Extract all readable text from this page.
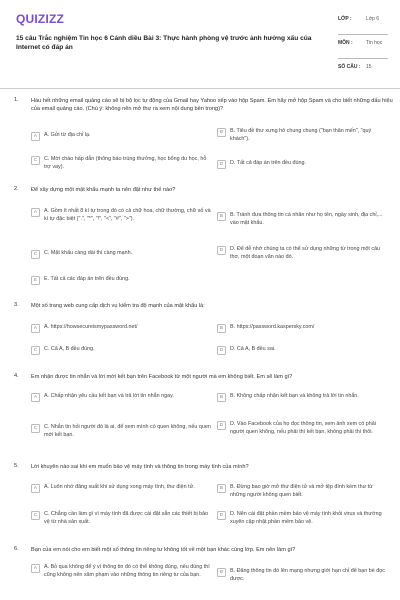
QUIZIZZ
15 câu Trắc nghiệm Tin học 6 Cánh diều Bài 3: Thực hành phòng vệ trước ảnh hưởng xấu của Internet có đáp án
LỚP :	Lớp 6
MÔN :	Tin học
SỐ CÂU :	15
1. Hàu hết những email quảng cáo sẽ bị bộ lọc tự động của Gmail hay Yahoo xếp vào hộp Spam. Em hãy mở hộp Spam và cho biết những dấu hiệu của email quảng cáo. (Chú ý: không nên mở thư ra xem nội dung bên trong)?
A	A. Gửi từ địa chỉ lạ.	B	B. Tiêu đề thư xưng hô chung chung ("bạn thân mến", "quý khách").
C	C. Mời chào hấp dẫn (thông báo trúng thưởng, học bổng du học, hỗ trợ vay).	D	D. Tất cả đáp án trên đều đúng.
2. Để xây dựng một mật khẩu mạnh ta nên đặt như thế nào?
A	A. Gồm ít nhất 8 kí tự trong đó có cả chữ hoa, chữ thường, chữ số và kí tự đặc biệt (".", "*", "!", "<", "#", ">").	B	B. Tránh đưa thông tin cá nhân như họ tên, ngày sinh, địa chỉ,... vào mật khẩu.
C	C. Mật khẩu càng dài thì càng mạnh.	D	D. Để dễ nhớ chúng ta có thể sử dụng những từ trong một câu thơ, một đoạn văn nào đó.
E	E. Tất cả các đáp án trên đều đúng.
3. Một số trang web cung cấp dịch vụ kiểm tra độ mạnh của mật khẩu là:
A	A. https://howsecureismypassword.net/	B	B. https://password.kaspersky.com/
C	C. Cả A, B đều đúng.	D	D. Cả A, B đều sai.
4. Em nhận được tin nhắn và lời mời kết bạn trên Facebook từ một người mà em không biết. Em sẽ làm gì?
A	A. Chấp nhận yêu cầu kết bạn và trả lời tin nhắn ngay.	B	B. Không chấp nhận kết bạn và không trả lời tin nhắn.
C	C. Nhắn tin hỏi người đó là ai, để xem mình có quen không, nếu quen mới kết bạn.
D	D. Vào Facebook của họ đọc thông tin, xem ảnh xem có phải người quen không, nếu phải thì kết bạn, không phải thì thôi.
5. Lời khuyên nào sai khi em muốn bảo vệ máy tính và thông tin trong máy tính của mình?
A	A. Luôn nhớ đăng xuất khi sử dụng xong máy tính, thư điện tử.	B	B. Đừng bao giờ mở thư điện tử và mở tệp đính kèm thư từ những người không quen biết.
C	C. Chẳng cần làm gì vì máy tính đã được cài đặt sẵn các thiết bị bảo vệ từ nhà sản xuất.
D	D. Nên cài đặt phần mềm bảo vệ máy tính khỏi virus và thường xuyên cập nhật phần mềm bảo vệ.
6. Bạn của em nói cho em biết một số thông tin riêng tư không tốt về một bạn khác cùng lớp. Em nên làm gì?
A	A. Bỏ qua không để ý vì thông tin đó có thể không đúng, nếu đúng thì cũng không nên xâm phạm vào những thông tin riêng tư của bạn.	B	B. Đăng thông tin đó lên mạng nhưng giới hạn chỉ để bạn bè đọc được.
